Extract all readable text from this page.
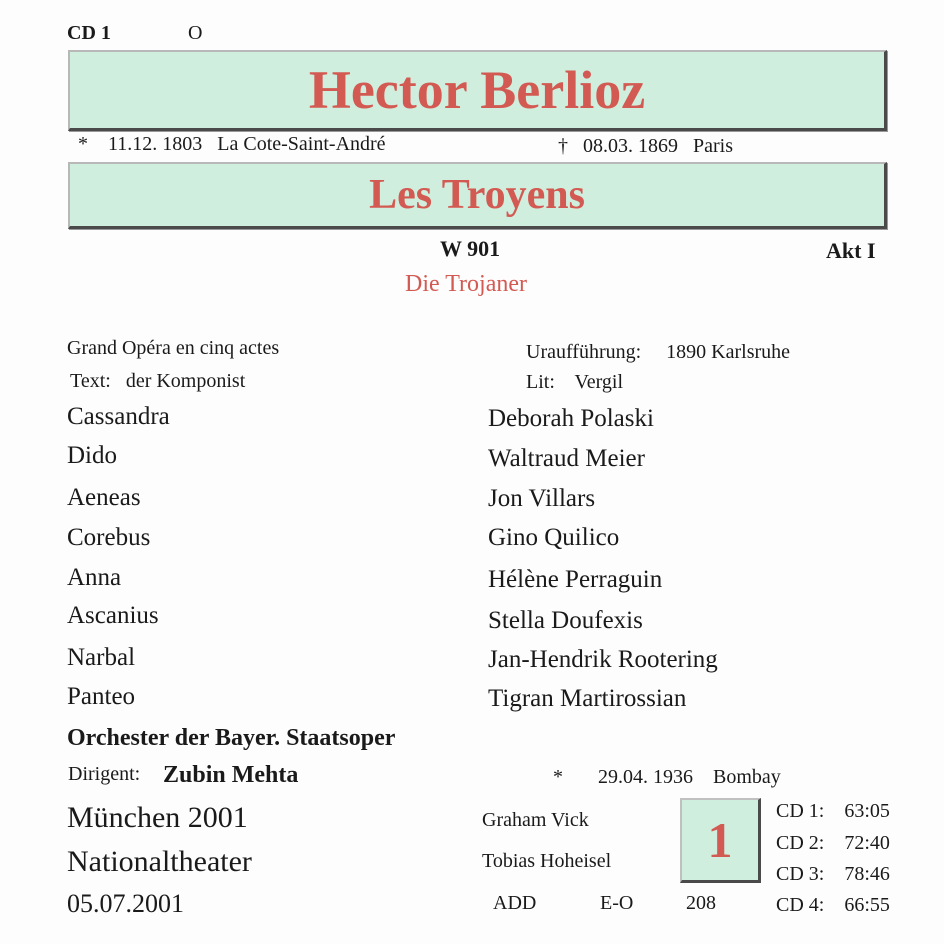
CD 1	O
Hector Berlioz
* 11.12. 1803 La Cote-Saint-André	† 08.03. 1869 Paris
Les Troyens
W 901	Akt I
Die Trojaner
Grand Opéra en cinq actes
Text: der Komponist
Uraufführung: 1890 Karlsruhe
Lit: Vergil
Cassandra	Deborah Polaski
Dido	Waltraud Meier
Aeneas	Jon Villars
Corebus	Gino Quilico
Anna	Hélène Perraguin
Ascanius	Stella Doufexis
Narbal	Jan-Hendrik Rootering
Panteo	Tigran Martirossian
Orchester der Bayer. Staatsoper
Dirigent: Zubin Mehta	* 29.04. 1936 Bombay
München 2001
Nationaltheater
05.07.2001
Graham Vick
Tobias Hoheisel
ADD	E-O	208
1
CD 1: 63:05
CD 2: 72:40
CD 3: 78:46
CD 4: 66:55
